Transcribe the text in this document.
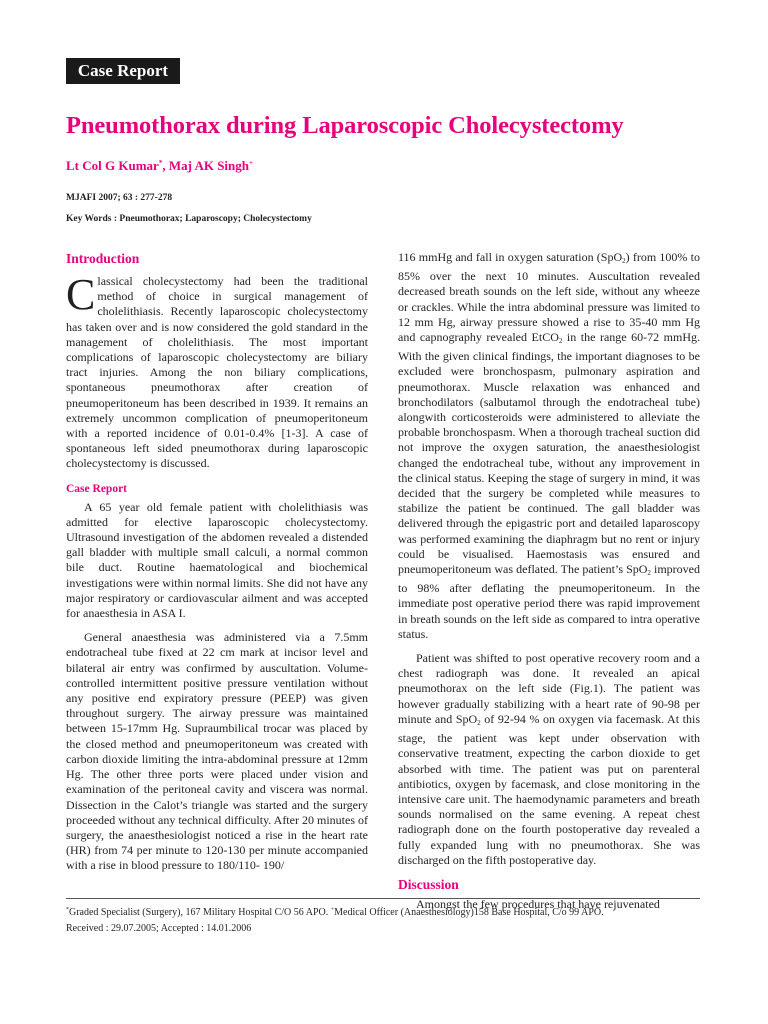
Case Report
Pneumothorax during Laparoscopic Cholecystectomy
Lt Col G Kumar*, Maj AK Singh+
MJAFI 2007; 63 : 277-278
Key Words : Pneumothorax; Laparoscopy; Cholecystectomy
Introduction

Classical cholecystectomy had been the traditional method of choice in surgical management of cholelithiasis. Recently laparoscopic cholecystectomy has taken over and is now considered the gold standard in the management of cholelithiasis. The most important complications of laparoscopic cholecystectomy are biliary tract injuries. Among the non biliary complications, spontaneous pneumothorax after creation of pneumoperitoneum has been described in 1939. It remains an extremely uncommon complication of pneumoperitoneum with a reported incidence of 0.01-0.4% [1-3]. A case of spontaneous left sided pneumothorax during laparoscopic cholecystectomy is discussed.

Case Report

A 65 year old female patient with cholelithiasis was admitted for elective laparoscopic cholecystectomy. Ultrasound investigation of the abdomen revealed a distended gall bladder with multiple small calculi, a normal common bile duct. Routine haematological and biochemical investigations were within normal limits. She did not have any major respiratory or cardiovascular ailment and was accepted for anaesthesia in ASA I.

General anaesthesia was administered via a 7.5mm endotracheal tube fixed at 22 cm mark at incisor level and bilateral air entry was confirmed by auscultation. Volume-controlled intermittent positive pressure ventilation without any positive end expiratory pressure (PEEP) was given throughout surgery. The airway pressure was maintained between 15-17mm Hg. Supraumbilical trocar was placed by the closed method and pneumoperitoneum was created with carbon dioxide limiting the intra-abdominal pressure at 12mm Hg. The other three ports were placed under vision and examination of the peritoneal cavity and viscera was normal. Dissection in the Calot’s triangle was started and the surgery proceeded without any technical difficulty. After 20 minutes of surgery, the anaesthesiologist noticed a rise in the heart rate (HR) from 74 per minute to 120-130 per minute accompanied with a rise in blood pressure to 180/110- 190/

116 mmHg and fall in oxygen saturation (SpO$_2$) from 100% to 85% over the next 10 minutes. Auscultation revealed decreased breath sounds on the left side, without any wheeze or crackles. While the intra abdominal pressure was limited to 12 mm Hg, airway pressure showed a rise to 35-40 mm Hg and capnography revealed EtCO$_2$ in the range 60-72 mmHg. With the given clinical findings, the important diagnoses to be excluded were bronchospasm, pulmonary aspiration and pneumothorax. Muscle relaxation was enhanced and bronchodilators (salbutamol through the endotracheal tube) alongwith corticosteroids were administered to alleviate the probable bronchospasm. When a thorough tracheal suction did not improve the oxygen saturation, the anaesthesiologist changed the endotracheal tube, without any improvement in the clinical status. Keeping the stage of surgery in mind, it was decided that the surgery be completed while measures to stabilize the patient be continued. The gall bladder was delivered through the epigastric port and detailed laparoscopy was performed examining the diaphragm but no rent or injury could be visualised. Haemostasis was ensured and pneumoperitoneum was deflated. The patient’s SpO$_2$ improved to 98% after deflating the pneumoperitoneum. In the immediate post operative period there was rapid improvement in breath sounds on the left side as compared to intra operative status.

Patient was shifted to post operative recovery room and a chest radiograph was done. It revealed an apical pneumothorax on the left side (Fig.1). The patient was however gradually stabilizing with a heart rate of 90-98 per minute and SpO$_2$ of 92-94 % on oxygen via facemask. At this stage, the patient was kept under observation with conservative treatment, expecting the carbon dioxide to get absorbed with time. The patient was put on parenteral antibiotics, oxygen by facemask, and close monitoring in the intensive care unit. The haemodynamic parameters and breath sounds normalised on the same evening. A repeat chest radiograph done on the fourth postoperative day revealed a fully expanded lung with no pneumothorax. She was discharged on the fifth postoperative day.

Discussion

Amongst the few procedures that have rejuvenated

*Graded Specialist (Surgery), 167 Military Hospital C/O 56 APO. +Medical Officer (Anaesthesiology)158 Base Hospital, C/o 99 APO.
Received : 29.07.2005; Accepted : 14.01.2006
